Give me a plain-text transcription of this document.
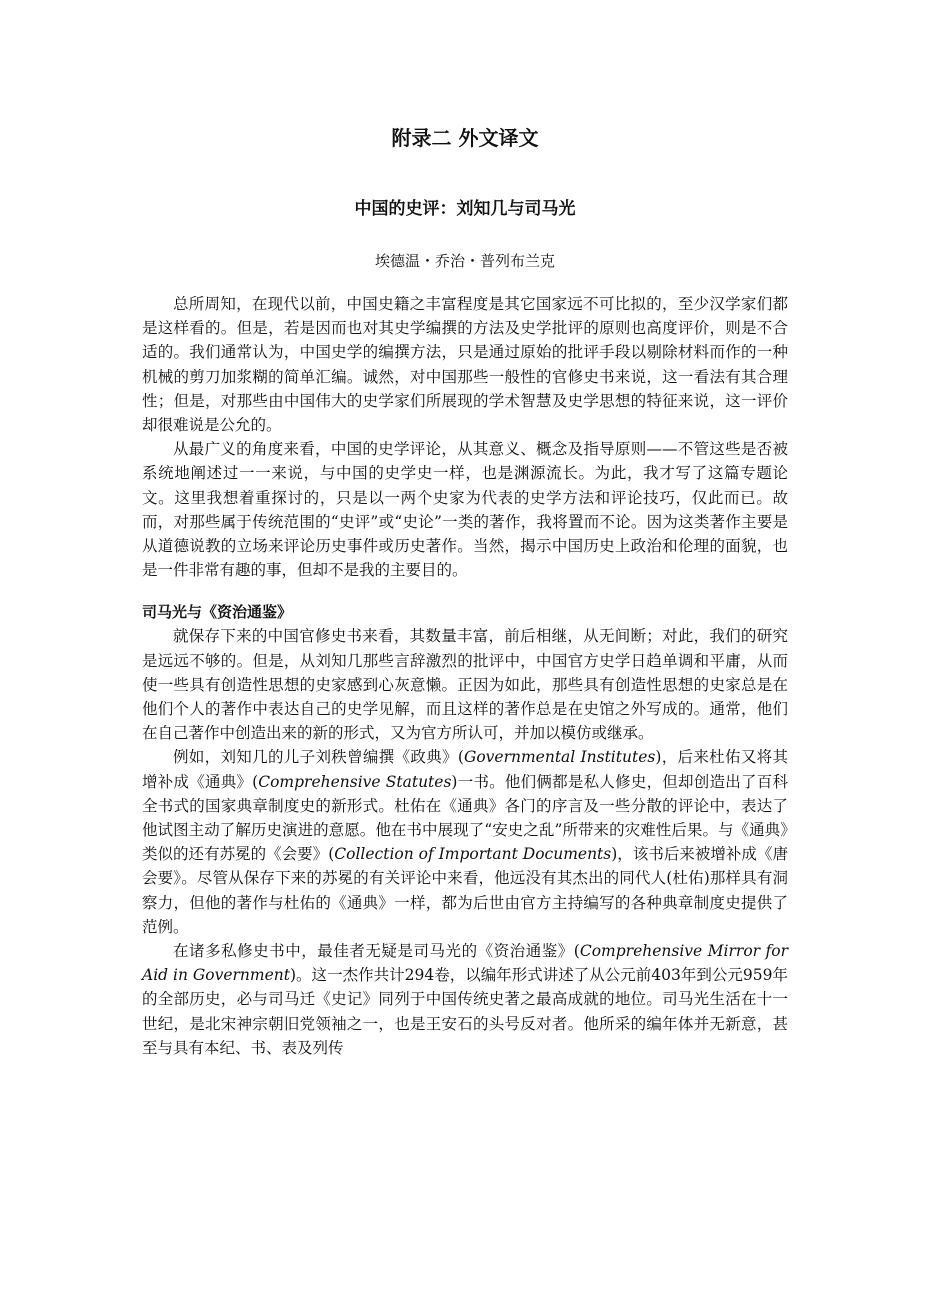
附录二 外文译文
中国的史评：刘知几与司马光
埃德温・乔治・普列布兰克

总所周知，在现代以前，中国史籍之丰富程度是其它国家远不可比拟的，至少汉学家们都是这样看的。但是，若是因而也对其史学编撰的方法及史学批评的原则也高度评价，则是不合适的。我们通常认为，中国史学的编撰方法，只是通过原始的批评手段以剔除材料而作的一种机械的剪刀加浆糊的简单汇编。诚然，对中国那些一般性的官修史书来说，这一看法有其合理性；但是，对那些由中国伟大的史学家们所展现的学术智慧及史学思想的特征来说，这一评价却很难说是公允的。

从最广义的角度来看，中国的史学评论，从其意义、概念及指导原则——不管这些是否被系统地阐述过一一来说，与中国的史学史一样，也是渊源流长。为此，我才写了这篇专题论文。这里我想着重探讨的，只是以一两个史家为代表的史学方法和评论技巧，仅此而已。故而，对那些属于传统范围的“史评”或“史论”一类的著作，我将置而不论。因为这类著作主要是从道德说教的立场来评论历史事件或历史著作。当然，揭示中国历史上政治和伦理的面貌，也是一件非常有趣的事，但却不是我的主要目的。

司马光与《资治通鉴》

就保存下来的中国官修史书来看，其数量丰富，前后相继，从无间断；对此，我们的研究是远远不够的。但是，从刘知几那些言辞激烈的批评中，中国官方史学日趋单调和平庸，从而使一些具有创造性思想的史家感到心灰意懒。正因为如此，那些具有创造性思想的史家总是在他们个人的著作中表达自己的史学见解，而且这样的著作总是在史馆之外写成的。通常，他们在自己著作中创造出来的新的形式，又为官方所认可，并加以模仿或继承。

例如，刘知几的儿子刘秩曾编撰《政典》(Governmental Institutes)，后来杜佑又将其增补成《通典》(Comprehensive Statutes)一书。他们俩都是私人修史，但却创造出了百科全书式的国家典章制度史的新形式。杜佑在《通典》各门的序言及一些分散的评论中，表达了他试图主动了解历史演进的意愿。他在书中展现了“安史之乱”所带来的灾难性后果。与《通典》类似的还有苏冕的《会要》(Collection of Important Documents)，该书后来被增补成《唐会要》。尽管从保存下来的苏冕的有关评论中来看，他远没有其杰出的同代人(杜佑)那样具有洞察力，但他的著作与杜佑的《通典》一样，都为后世由官方主持编写的各种典章制度史提供了范例。

在诸多私修史书中，最佳者无疑是司马光的《资治通鉴》(Comprehensive Mirror for Aid in Government)。这一杰作共计294卷，以编年形式讲述了从公元前403年到公元959年的全部历史，必与司马迁《史记》同列于中国传统史著之最高成就的地位。司马光生活在十一世纪，是北宋神宗朝旧党领袖之一，也是王安石的头号反对者。他所采的编年体并无新意，甚至与具有本纪、书、表及列传
